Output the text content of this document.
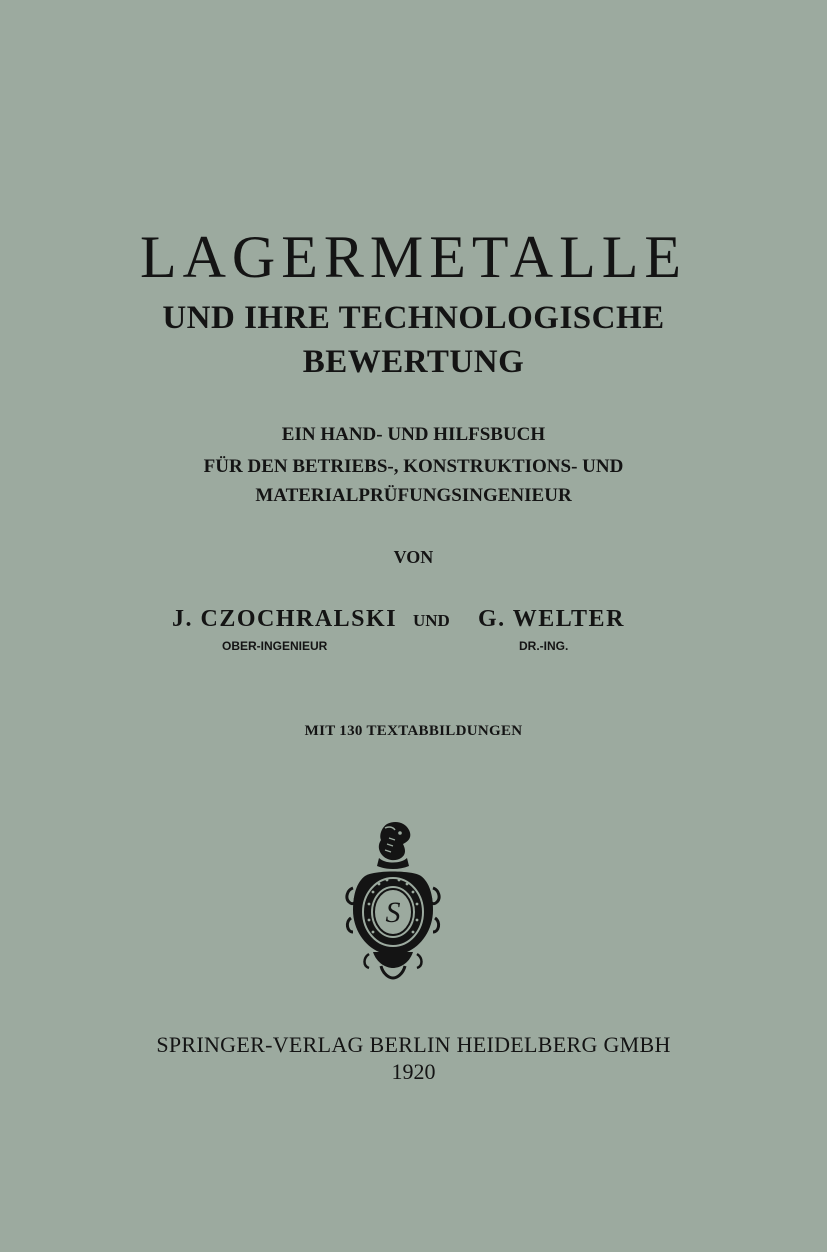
LAGERMETALLE
UND IHRE TECHNOLOGISCHE
BEWERTUNG
EIN HAND- UND HILFSBUCH
FÜR DEN BETRIEBS-, KONSTRUKTIONS- UND
MATERIALPRÜFUNGSINGENIEUR
VON
J. CZOCHRALSKI UND G. WELTER
OBER-INGENIEUR	DR.-ING.
MIT 130 TEXTABBILDUNGEN
S
SPRINGER-VERLAG BERLIN HEIDELBERG GMBH
1920
